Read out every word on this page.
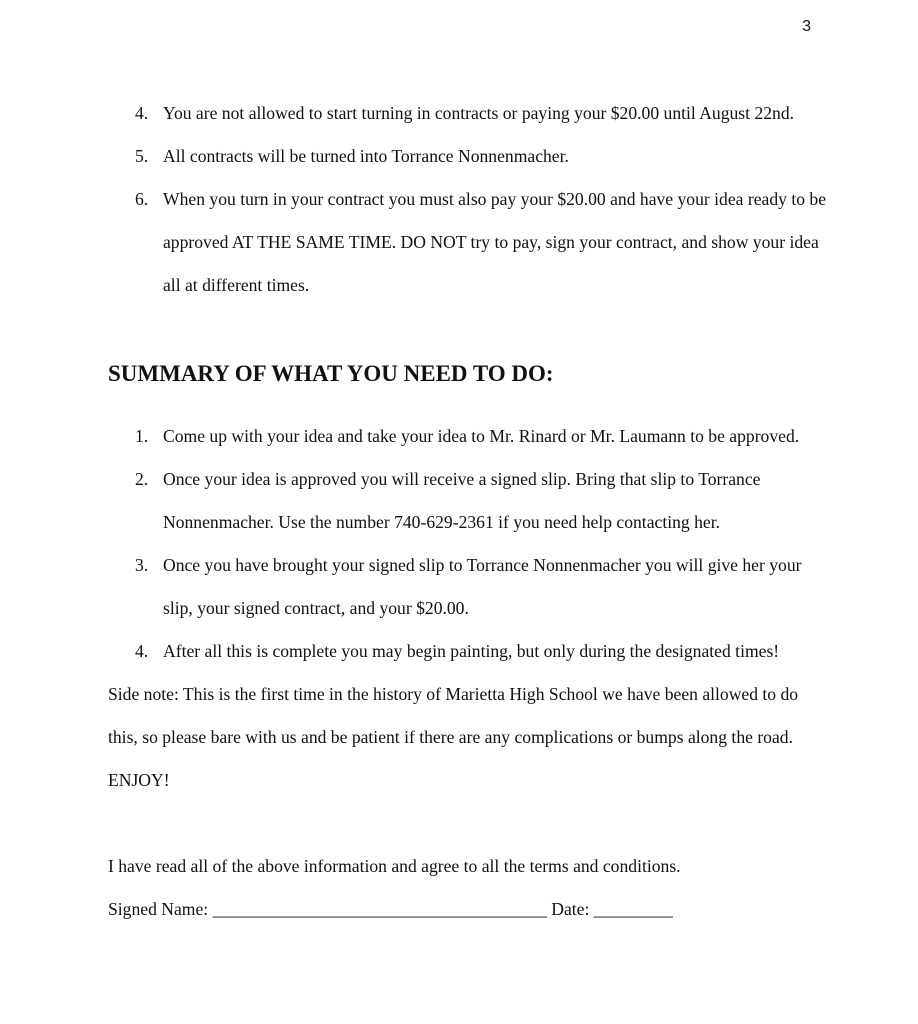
3
4. You are not allowed to start turning in contracts or paying your $20.00 until August 22nd.
5. All contracts will be turned into Torrance Nonnenmacher.
6. When you turn in your contract you must also pay your $20.00 and have your idea ready to be approved AT THE SAME TIME. DO NOT try to pay, sign your contract, and show your idea all at different times.
SUMMARY OF WHAT YOU NEED TO DO:
1. Come up with your idea and take your idea to Mr. Rinard or Mr. Laumann to be approved.
2. Once your idea is approved you will receive a signed slip. Bring that slip to Torrance Nonnenmacher. Use the number 740-629-2361 if you need help contacting her.
3. Once you have brought your signed slip to Torrance Nonnenmacher you will give her your slip, your signed contract, and your $20.00.
4. After all this is complete you may begin painting, but only during the designated times!

Side note: This is the first time in the history of Marietta High School we have been allowed to do this, so please bare with us and be patient if there are any complications or bumps along the road.

ENJOY!

I have read all of the above information and agree to all the terms and conditions.

Signed Name: ______________________________________ Date: _________
